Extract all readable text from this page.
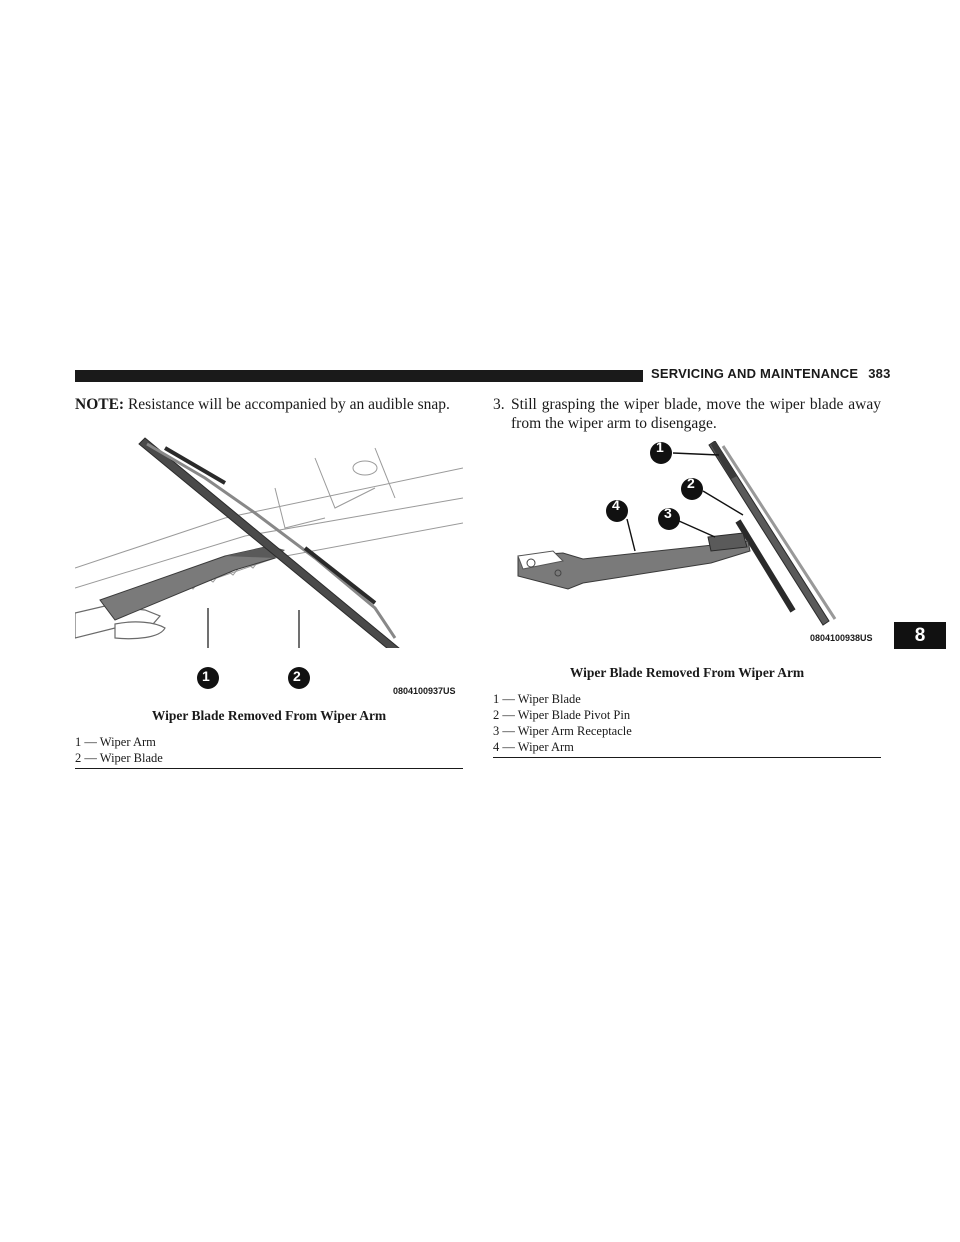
SERVICING AND MAINTENANCE 383

NOTE: Resistance will be accompanied by an audible snap.

1	2
0804100937US
Wiper Blade Removed From Wiper Arm
1 — Wiper Arm
2 — Wiper Blade

3. Still grasping the wiper blade, move the wiper blade away from the wiper arm to disengage.

1
2
3
4
0804100938US
Wiper Blade Removed From Wiper Arm
1 — Wiper Blade
2 — Wiper Blade Pivot Pin
3 — Wiper Arm Receptacle
4 — Wiper Arm
8
